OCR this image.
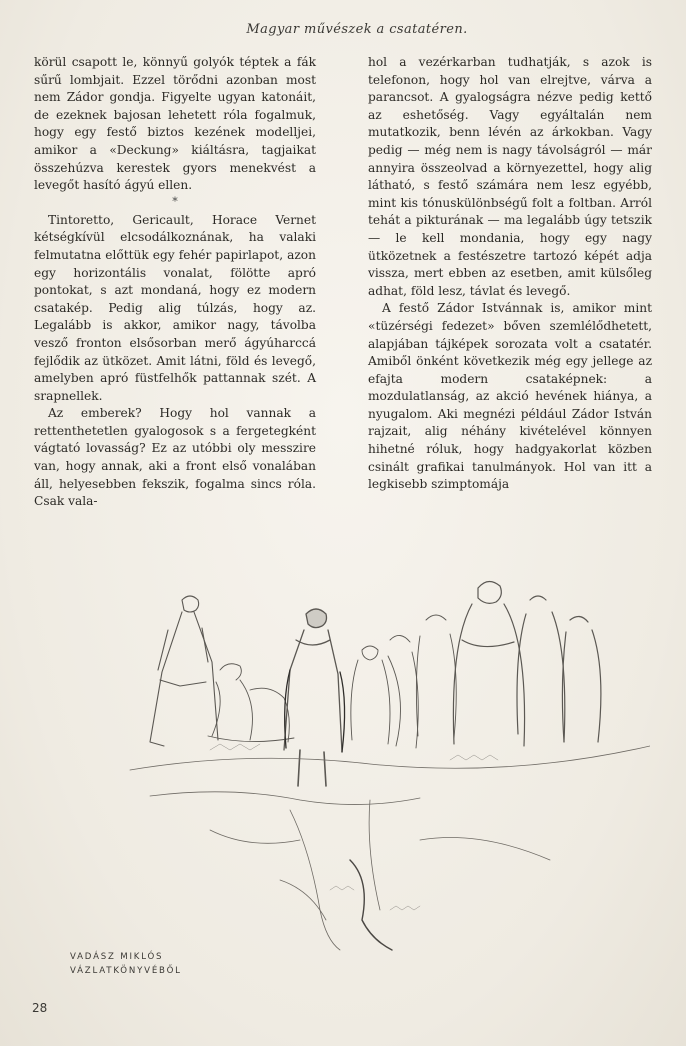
Magyar művészek a csatatéren.

körül csapott le, könnyű golyók téptek a fák sűrű lombjait. Ezzel törődni azonban most nem Zádor gondja. Figyelte ugyan katonáit, de ezeknek bajosan lehetett róla fogalmuk, hogy egy festő biztos kezének modelljei, amikor a «Deckung» kiáltásra, tagjaikat összehúzva kerestek gyors menekvést a levegőt hasító ágyú ellen.

*

Tintoretto, Gericault, Horace Vernet kétségkívül elcsodálkoznának, ha valaki felmutatna előttük egy fehér papirlapot, azon egy horizontális vonalat, fölötte apró pontokat, s azt mondaná, hogy ez modern csatakép. Pedig alig túlzás, hogy az. Legalább is akkor, amikor nagy, távolba vesző fronton elsősorban merő ágyúharccá fejlődik az ütközet. Amit látni, föld és levegő, amelyben apró füstfelhők pattannak szét. A srapnellek.

Az emberek? Hogy hol vannak a rettenthetetlen gyalogosok s a fergetegként vágtató lovasság? Ez az utóbbi oly messzire van, hogy annak, aki a front első vonalában áll, helyesebben fekszik, fogalma sincs róla. Csak vala-

hol a vezérkarban tudhatják, s azok is telefonon, hogy hol van elrejtve, várva a parancsot. A gyalogságra nézve pedig kettő az eshetőség. Vagy egyáltalán nem mutatkozik, benn lévén az árkokban. Vagy pedig — még nem is nagy távolságról — már annyira összeolvad a környezettel, hogy alig látható, s festő számára nem lesz egyébb, mint kis tónuskülönbségű folt a foltban. Arról tehát a pikturának — ma legalább úgy tetszik — le kell mondania, hogy egy nagy ütközetnek a festészetre tartozó képét adja vissza, mert ebben az esetben, amit külsőleg adhat, föld lesz, távlat és levegő.

A festő Zádor Istvánnak is, amikor mint «tüzérségi fedezet» bőven szemlélődhetett, alapjában tájképek sorozata volt a csatatér. Amiből önként következik még egy jellege az efajta modern csataképnek: a mozdulatlanság, az akció hevének hiánya, a nyugalom. Aki megnézi például Zádor István rajzait, alig néhány kivételével könnyen hihetné róluk, hogy hadgyakorlat közben csinált grafikai tanulmányok. Hol van itt a legkisebb szimptomája

VADÁSZ MIKLÓS
VÁZLATKÖNYVÉBŐL
28
